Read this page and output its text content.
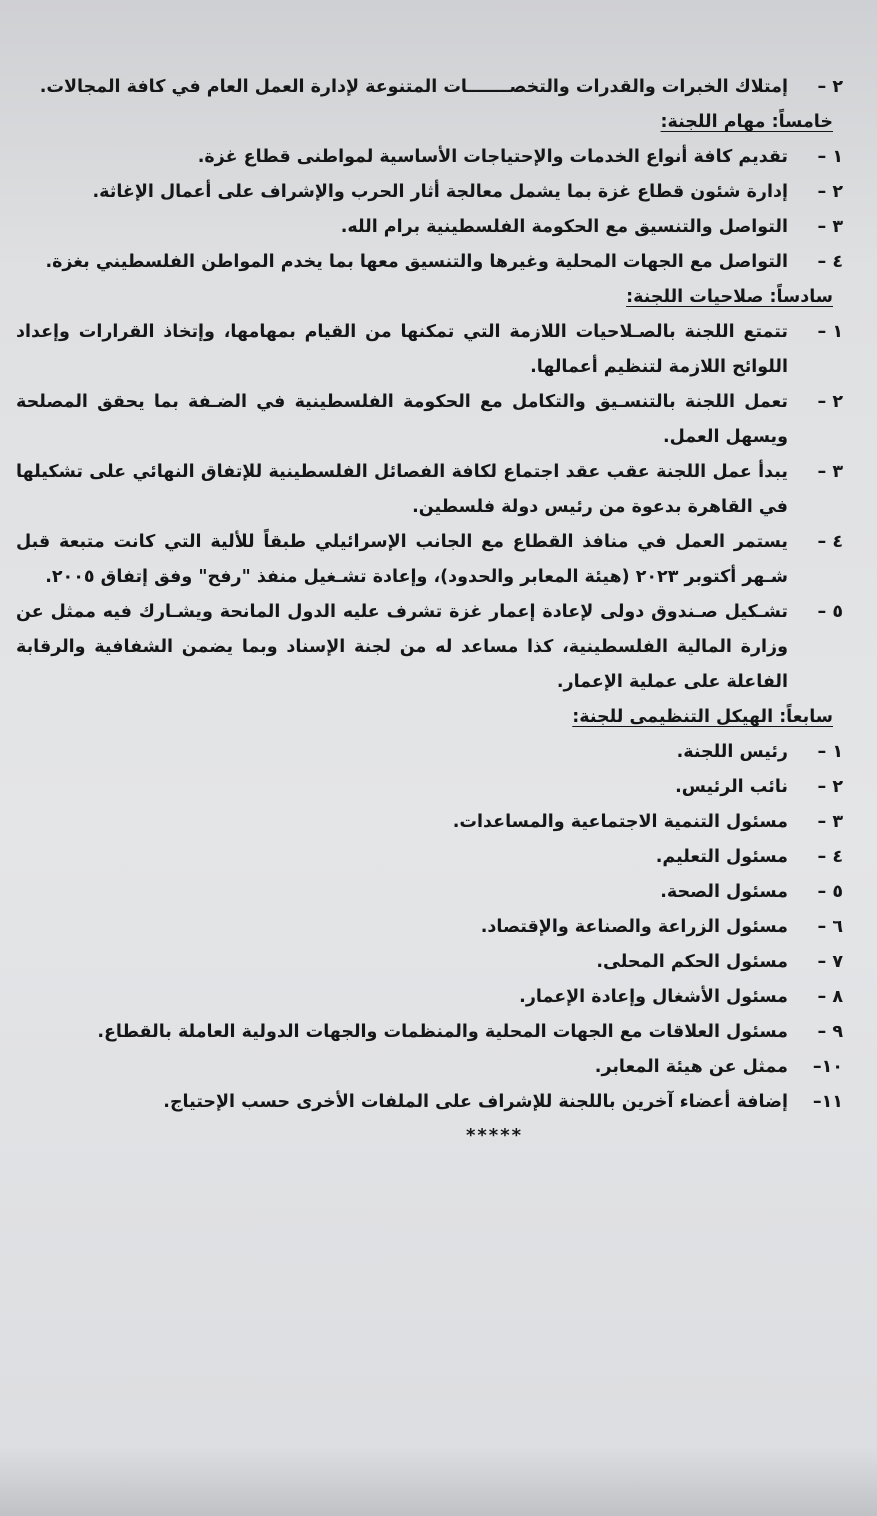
٢ –
إمتلاك الخبرات والقدرات والتخصـــــــات المتنوعة لإدارة العمل العام في كافة المجالات.
خامساً: مهام اللجنة:
١ –
تقديم كافة أنواع الخدمات والإحتياجات الأساسية لمواطنى قطاع غزة.
٢ –
إدارة شئون قطاع غزة بما يشمل معالجة أثار الحرب والإشراف على أعمال الإغاثة.
٣ –
التواصل والتنسيق مع الحكومة الفلسطينية برام الله.
٤ –
التواصل مع الجهات المحلية وغيرها والتنسيق معها بما يخدم المواطن الفلسطيني بغزة.
سادساً: صلاحيات اللجنة:
١ –
تتمتع اللجنة بالصـلاحيات اللازمة التي تمكنها من القيام بمهامها، وإتخاذ القرارات وإعداد اللوائح اللازمة لتنظيم أعمالها.
٢ –
تعمل اللجنة بالتنسـيق والتكامل مع الحكومة الفلسطينية في الضـفة بما يحقق المصلحة ويسهل العمل.
٣ –
يبدأ عمل اللجنة عقب عقد اجتماع لكافة الفصائل الفلسطينية للإتفاق النهائي على تشكيلها في القاهرة بدعوة من رئيس دولة فلسطين.
٤ –
يستمر العمل في منافذ القطاع مع الجانب الإسرائيلي طبقاً للألية التي كانت متبعة قبل شـهر أكتوبر ٢٠٢٣ (هيئة المعابر والحدود)، وإعادة تشـغيل منفذ "رفح" وفق إتفاق ٢٠٠٥.
٥ –
تشـكيل صـندوق دولى لإعادة إعمار غزة تشرف عليه الدول المانحة ويشـارك فيه ممثل عن وزارة المالية الفلسطينية، كذا مساعد له من لجنة الإسناد وبما يضمن الشفافية والرقابة الفاعلة على عملية الإعمار.
سابعاً: الهيكل التنظيمى للجنة:
١ –
رئيس اللجنة.
٢ –
نائب الرئيس.
٣ –
مسئول التنمية الاجتماعية والمساعدات.
٤ –
مسئول التعليم.
٥ –
مسئول الصحة.
٦ –
مسئول الزراعة والصناعة والإقتصاد.
٧ –
مسئول الحكم المحلى.
٨ –
مسئول الأشغال وإعادة الإعمار.
٩ –
مسئول العلاقات مع الجهات المحلية والمنظمات والجهات الدولية العاملة بالقطاع.
١٠–
ممثل عن هيئة المعابر.
١١–
إضافة أعضاء آخرين باللجنة للإشراف على الملفات الأخرى حسب الإحتياج.
*****
